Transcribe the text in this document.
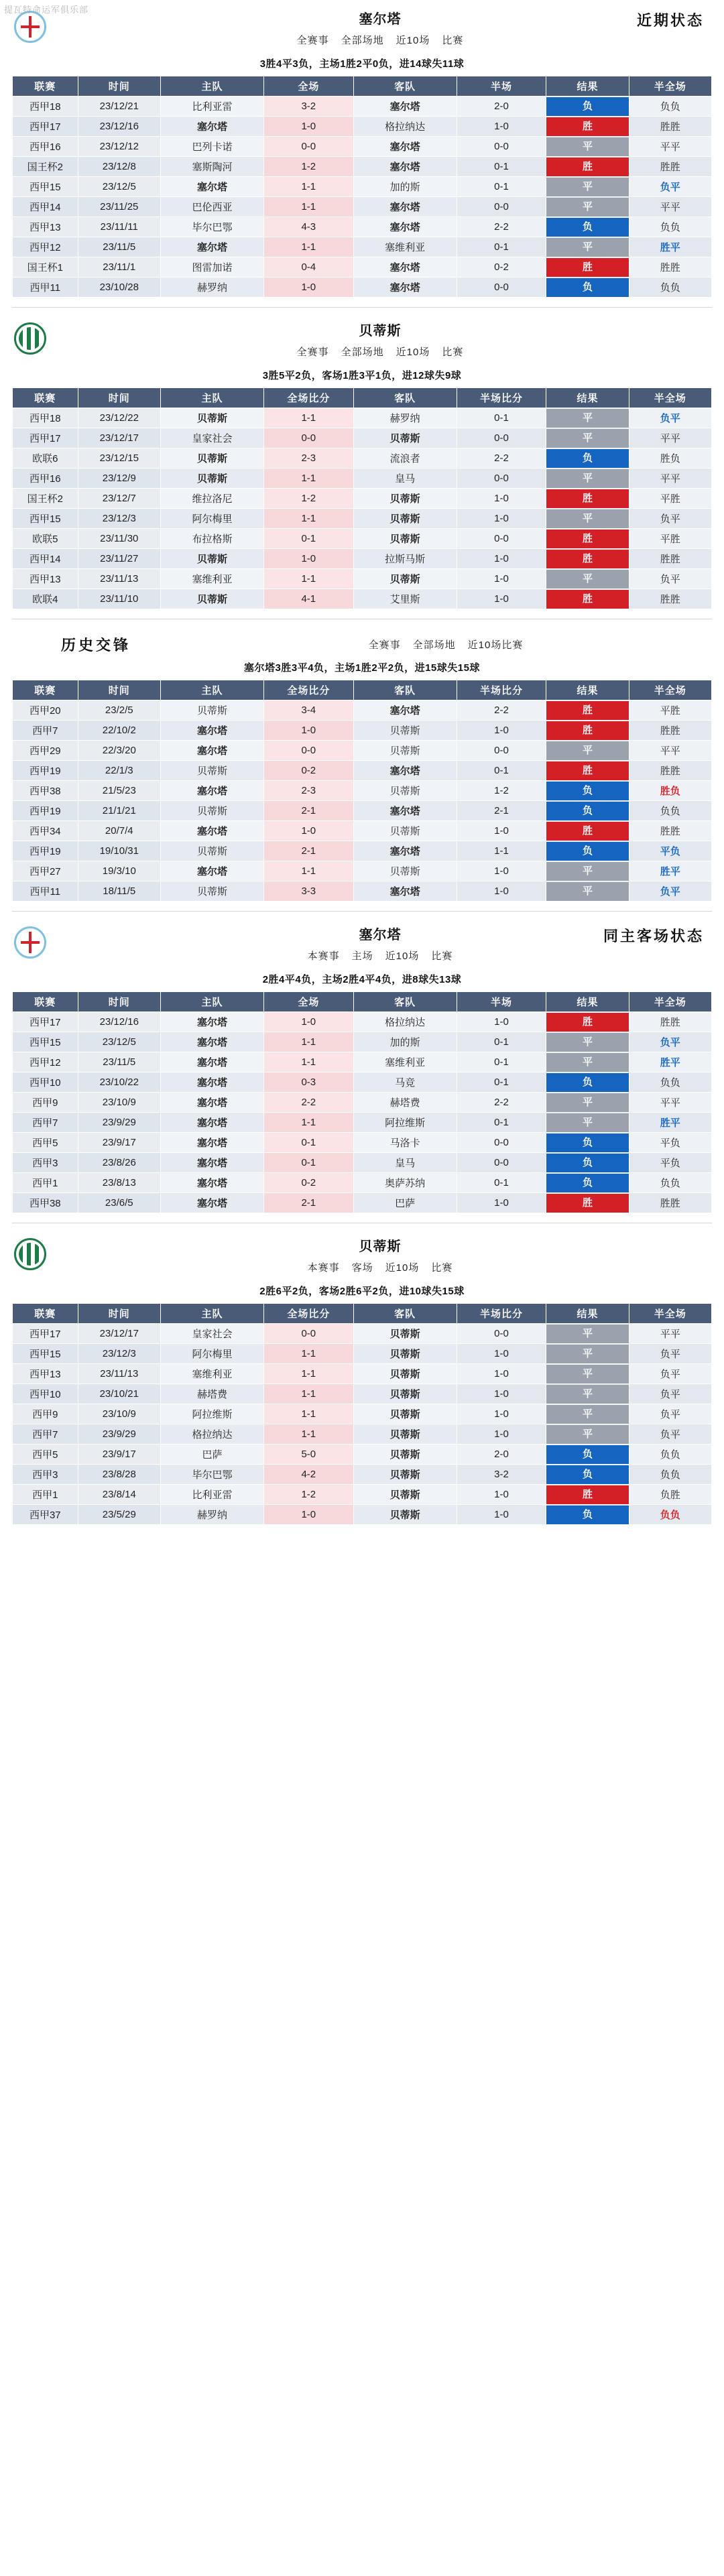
提瓦特命运军俱乐部
塞尔塔
全赛事 全部场地 近10场 比赛
近期状态
3胜4平3负，主场1胜2平0负，进14球失11球
联赛	时间	主队	全场	客队	半场	结果	半全场
西甲18	23/12/21	比利亚雷	3-2	塞尔塔	2-0	负	负负
西甲17	23/12/16	塞尔塔	1-0	格拉纳达	1-0	胜	胜胜
西甲16	23/12/12	巴列卡诺	0-0	塞尔塔	0-0	平	平平
国王杯2	23/12/8	塞斯陶河	1-2	塞尔塔	0-1	胜	胜胜
西甲15	23/12/5	塞尔塔	1-1	加的斯	0-1	平	负平
西甲14	23/11/25	巴伦西亚	1-1	塞尔塔	0-0	平	平平
西甲13	23/11/11	毕尔巴鄂	4-3	塞尔塔	2-2	负	负负
西甲12	23/11/5	塞尔塔	1-1	塞维利亚	0-1	平	胜平
国王杯1	23/11/1	图雷加诺	0-4	塞尔塔	0-2	胜	胜胜
西甲11	23/10/28	赫罗纳	1-0	塞尔塔	0-0	负	负负
贝蒂斯
全赛事 全部场地 近10场 比赛
3胜5平2负，客场1胜3平1负，进12球失9球
联赛	时间	主队	全场比分	客队	半场比分	结果	半全场
西甲18	23/12/22	贝蒂斯	1-1	赫罗纳	0-1	平	负平
西甲17	23/12/17	皇家社会	0-0	贝蒂斯	0-0	平	平平
欧联6	23/12/15	贝蒂斯	2-3	流浪者	2-2	负	胜负
西甲16	23/12/9	贝蒂斯	1-1	皇马	0-0	平	平平
国王杯2	23/12/7	维拉洛尼	1-2	贝蒂斯	1-0	胜	平胜
西甲15	23/12/3	阿尔梅里	1-1	贝蒂斯	1-0	平	负平
欧联5	23/11/30	布拉格斯	0-1	贝蒂斯	0-0	胜	平胜
西甲14	23/11/27	贝蒂斯	1-0	拉斯马斯	1-0	胜	胜胜
西甲13	23/11/13	塞维利亚	1-1	贝蒂斯	1-0	平	负平
欧联4	23/11/10	贝蒂斯	4-1	艾里斯	1-0	胜	胜胜
历史交锋	全赛事 全部场地 近10场比赛
塞尔塔3胜3平4负，主场1胜2平2负，进15球失15球
联赛	时间	主队	全场比分	客队	半场比分	结果	半全场
西甲20	23/2/5	贝蒂斯	3-4	塞尔塔	2-2	胜	平胜
西甲7	22/10/2	塞尔塔	1-0	贝蒂斯	1-0	胜	胜胜
西甲29	22/3/20	塞尔塔	0-0	贝蒂斯	0-0	平	平平
西甲19	22/1/3	贝蒂斯	0-2	塞尔塔	0-1	胜	胜胜
西甲38	21/5/23	塞尔塔	2-3	贝蒂斯	1-2	负	胜负
西甲19	21/1/21	贝蒂斯	2-1	塞尔塔	2-1	负	负负
西甲34	20/7/4	塞尔塔	1-0	贝蒂斯	1-0	胜	胜胜
西甲19	19/10/31	贝蒂斯	2-1	塞尔塔	1-1	负	平负
西甲27	19/3/10	塞尔塔	1-1	贝蒂斯	1-0	平	胜平
西甲11	18/11/5	贝蒂斯	3-3	塞尔塔	1-0	平	负平
塞尔塔
本赛事 主场 近10场 比赛
同主客场状态
2胜4平4负，主场2胜4平4负，进8球失13球
联赛	时间	主队	全场	客队	半场	结果	半全场
西甲17	23/12/16	塞尔塔	1-0	格拉纳达	1-0	胜	胜胜
西甲15	23/12/5	塞尔塔	1-1	加的斯	0-1	平	负平
西甲12	23/11/5	塞尔塔	1-1	塞维利亚	0-1	平	胜平
西甲10	23/10/22	塞尔塔	0-3	马竞	0-1	负	负负
西甲9	23/10/9	塞尔塔	2-2	赫塔费	2-2	平	平平
西甲7	23/9/29	塞尔塔	1-1	阿拉维斯	0-1	平	胜平
西甲5	23/9/17	塞尔塔	0-1	马洛卡	0-0	负	平负
西甲3	23/8/26	塞尔塔	0-1	皇马	0-0	负	平负
西甲1	23/8/13	塞尔塔	0-2	奥萨苏纳	0-1	负	负负
西甲38	23/6/5	塞尔塔	2-1	巴萨	1-0	胜	胜胜
贝蒂斯
本赛事 客场 近10场 比赛
2胜6平2负，客场2胜6平2负，进10球失15球
联赛	时间	主队	全场比分	客队	半场比分	结果	半全场
西甲17	23/12/17	皇家社会	0-0	贝蒂斯	0-0	平	平平
西甲15	23/12/3	阿尔梅里	1-1	贝蒂斯	1-0	平	负平
西甲13	23/11/13	塞维利亚	1-1	贝蒂斯	1-0	平	负平
西甲10	23/10/21	赫塔费	1-1	贝蒂斯	1-0	平	负平
西甲9	23/10/9	阿拉维斯	1-1	贝蒂斯	1-0	平	负平
西甲7	23/9/29	格拉纳达	1-1	贝蒂斯	1-0	平	负平
西甲5	23/9/17	巴萨	5-0	贝蒂斯	2-0	负	负负
西甲3	23/8/28	毕尔巴鄂	4-2	贝蒂斯	3-2	负	负负
西甲1	23/8/14	比利亚雷	1-2	贝蒂斯	1-0	胜	负胜
西甲37	23/5/29	赫罗纳	1-0	贝蒂斯	1-0	负	负负
